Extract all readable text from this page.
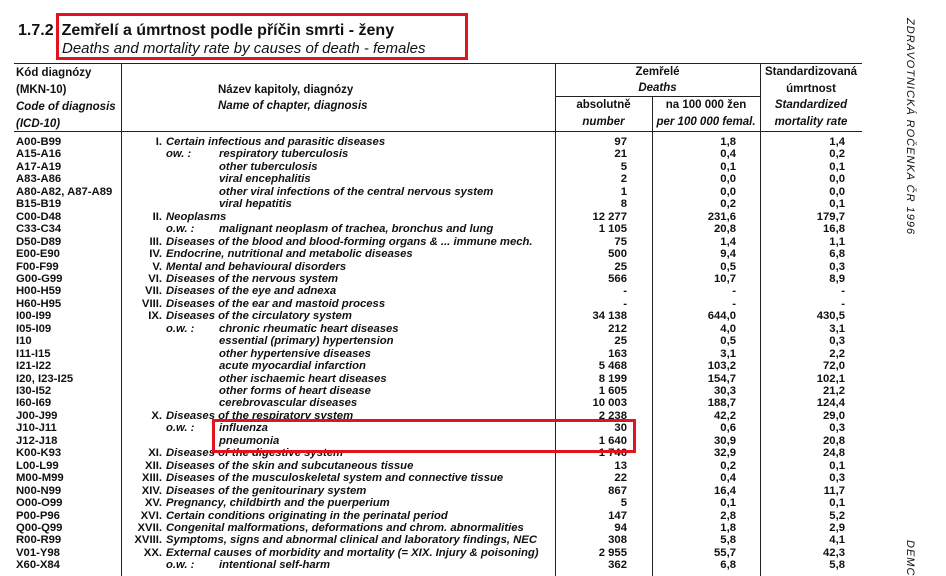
1.7.2 Zemřelí a úmrtnost podle příčin smrti - ženy
Deaths and mortality rate by causes of death - females
Kód diagnózy
(MKN-10)
Code of diagnosis
(ICD-10)
Název kapitoly, diagnózy
Name of chapter, diagnosis
Zemřelé
Deaths
absolutně
number
na 100 000 žen
per 100 000 femal.
Standardizovaná
úmrtnost
Standardized
mortality rate
A00-B99	I. Certain infectious and parasitic diseases	97	1,8	1,4
A15-A16	ow. : respiratory tuberculosis	21	0,4	0,2
A17-A19	other tuberculosis	5	0,1	0,1
A83-A86	viral encephalitis	2	0,0	0,0
A80-A82, A87-A89	other viral infections of the central nervous system	1	0,0	0,0
B15-B19	viral hepatitis	8	0,2	0,1
C00-D48	II. Neoplasms	12 277	231,6	179,7
C33-C34	o.w. : malignant neoplasm of trachea, bronchus and lung	1 105	20,8	16,8
D50-D89	III. Diseases of the blood and blood-forming organs & ... immune mech.	75	1,4	1,1
E00-E90	IV. Endocrine, nutritional and metabolic diseases	500	9,4	6,8
F00-F99	V. Mental and behavioural disorders	25	0,5	0,3
G00-G99	VI. Diseases of the nervous system	566	10,7	8,9
H00-H59	VII. Diseases of the eye and adnexa	-	-	-
H60-H95	VIII. Diseases of the ear and mastoid process	-	-	-
I00-I99	IX. Diseases of the circulatory system	34 138	644,0	430,5
I05-I09	o.w. : chronic rheumatic heart diseases	212	4,0	3,1
I10	essential (primary) hypertension	25	0,5	0,3
I11-I15	other hypertensive diseases	163	3,1	2,2
I21-I22	acute myocardial infarction	5 468	103,2	72,0
I20, I23-I25	other ischaemic heart diseases	8 199	154,7	102,1
I30-I52	other forms of heart disease	1 605	30,3	21,2
I60-I69	cerebrovascular diseases	10 003	188,7	124,4
J00-J99	X. Diseases of the respiratory system	2 238	42,2	29,0
J10-J11	o.w. : influenza	30	0,6	0,3
J12-J18	pneumonia	1 640	30,9	20,8
K00-K93	XI. Diseases of the digestive system	1 746	32,9	24,8
L00-L99	XII. Diseases of the skin and subcutaneous tissue	13	0,2	0,1
M00-M99	XIII. Diseases of the musculoskeletal system and connective tissue	22	0,4	0,3
N00-N99	XIV. Diseases of the genitourinary system	867	16,4	11,7
O00-O99	XV. Pregnancy, childbirth and the puerperium	5	0,1	0,1
P00-P96	XVI. Certain conditions originating in the perinatal period	147	2,8	5,2
Q00-Q99	XVII. Congenital malformations, deformations and chrom. abnormalities	94	1,8	2,9
R00-R99	XVIII. Symptoms, signs and abnormal clinical and laboratory findings, NEC	308	5,8	4,1
V01-Y98	XX. External causes of morbidity and mortality (= XIX. Injury & poisoning)	2 955	55,7	42,3
X60-X84	o.w. : intentional self-harm	362	6,8	5,8
ZDRAVOTNICKÁ ROČENKA ČR 1996
DEMC
